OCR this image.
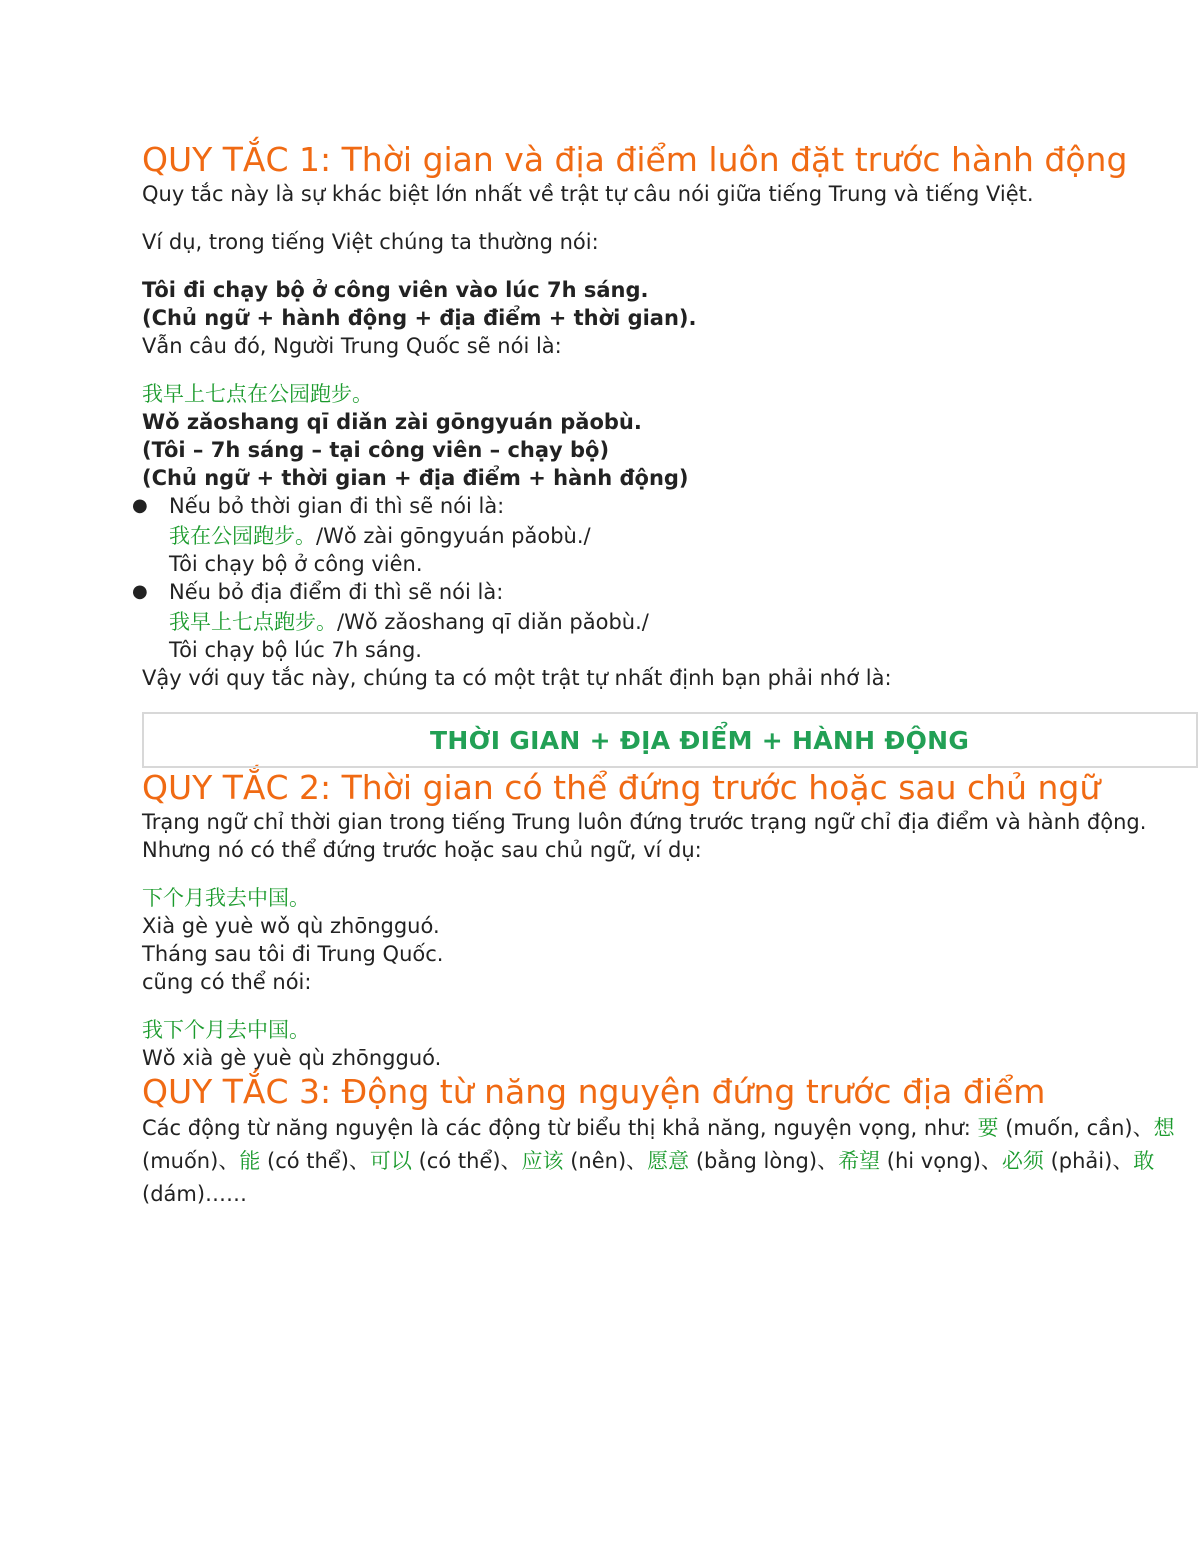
QUY TẮC 1: Thời gian và địa điểm luôn đặt trước hành động

Quy tắc này là sự khác biệt lớn nhất về trật tự câu nói giữa tiếng Trung và tiếng Việt.

Ví dụ, trong tiếng Việt chúng ta thường nói:

Tôi đi chạy bộ ở công viên vào lúc 7h sáng.

(Chủ ngữ + hành động + địa điểm + thời gian).

Vẫn câu đó, Người Trung Quốc sẽ nói là:

我早上七点在公园跑步。

Wǒ zǎoshang qī diǎn zài gōngyuán pǎobù.

(Tôi – 7h sáng – tại công viên – chạy bộ)

(Chủ ngữ + thời gian + địa điểm + hành động)

● Nếu bỏ thời gian đi thì sẽ nói là:
我在公园跑步。/Wǒ zài gōngyuán pǎobù./
Tôi chạy bộ ở công viên.
● Nếu bỏ địa điểm đi thì sẽ nói là:
我早上七点跑步。/Wǒ zǎoshang qī diǎn pǎobù./
Tôi chạy bộ lúc 7h sáng.

Vậy với quy tắc này, chúng ta có một trật tự nhất định bạn phải nhớ là:

THỜI GIAN + ĐỊA ĐIỂM + HÀNH ĐỘNG
QUY TẮC 2: Thời gian có thể đứng trước hoặc sau chủ ngữ

Trạng ngữ chỉ thời gian trong tiếng Trung luôn đứng trước trạng ngữ chỉ địa điểm và hành động. Nhưng nó có thể đứng trước hoặc sau chủ ngữ, ví dụ:

下个月我去中国。

Xià gè yuè wǒ qù zhōngguó.

Tháng sau tôi đi Trung Quốc.

cũng có thể nói:

我下个月去中国。

Wǒ xià gè yuè qù zhōngguó.

QUY TẮC 3: Động từ năng nguyện đứng trước địa điểm

Các động từ năng nguyện là các động từ biểu thị khả năng, nguyện vọng, như: 要 (muốn, cần)、想 (muốn)、能 (có thể)、可以 (có thể)、应该 (nên)、愿意 (bằng lòng)、希望 (hi vọng)、必须 (phải)、敢 (dám)……
